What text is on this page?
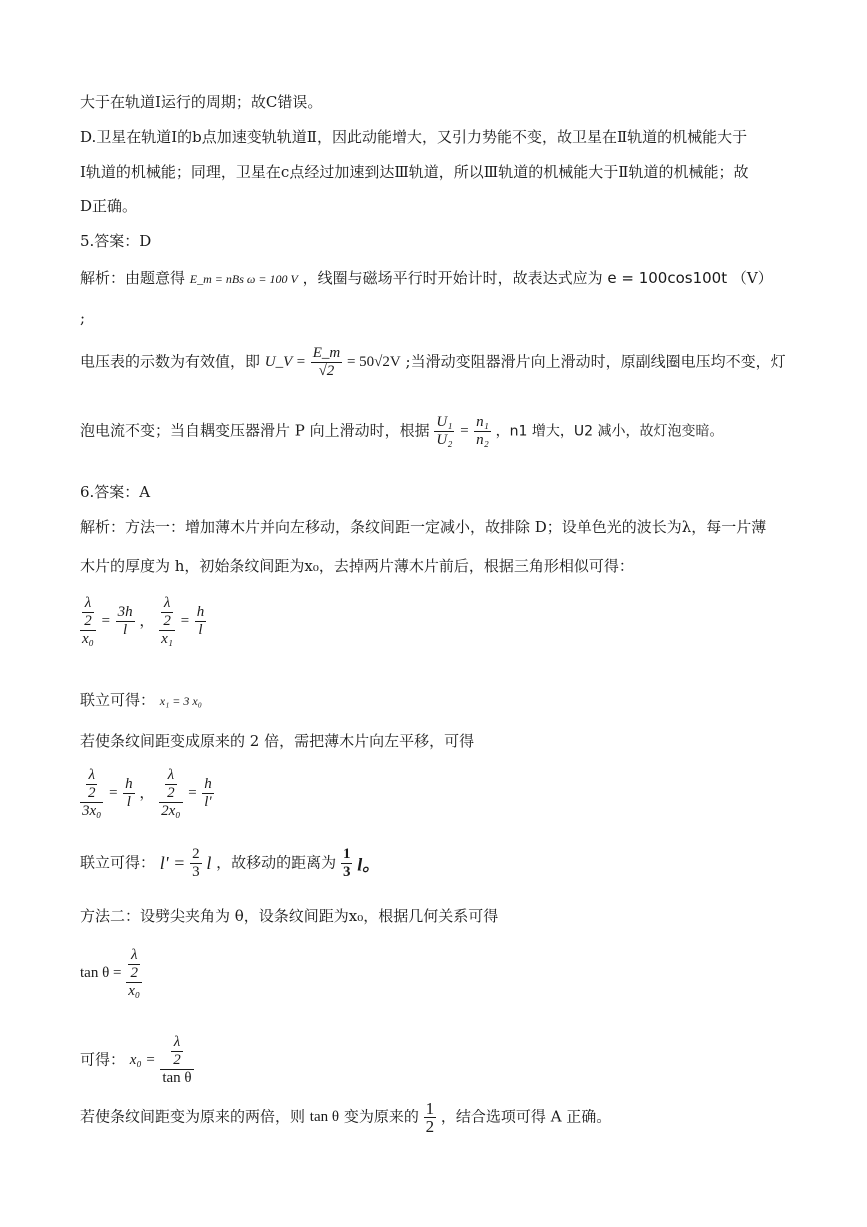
大于在轨道Ⅰ运行的周期；故C错误。
D.卫星在轨道Ⅰ的b点加速变轨轨道Ⅱ，因此动能增大，又引力势能不变，故卫星在Ⅱ轨道的机械能大于
Ⅰ轨道的机械能；同理，卫星在c点经过加速到达Ⅲ轨道，所以Ⅲ轨道的机械能大于Ⅱ轨道的机械能；故
D正确。
5.答案：D
解析：由题意得 E_m = nBs ω = 100 V ，线圈与磁场平行时开始计时，故表达式应为 e = 100cos100t （V）
;
电压表的示数为有效值，即 U_V = $\frac{E\_m}{√2} = 50√2V$ ;当滑动变阻器滑片向上滑动时，原副线圈电压均不变，灯
泡电流不变；当自耦变压器滑片 P 向上滑动时，根据 $\frac{\text{U₁}}{\text{U₂}} = \frac{\text{n₁}}{\text{n₂}}$ ，n1 增大，U2 减小，故灯泡变暗。
6.答案：A
解析：方法一：增加薄木片并向左移动，条纹间距一定减小，故排除 D；设单色光的波长为λ，每一片薄
木片的厚度为 h，初始条纹间距为x₀，去掉两片薄木片前后，根据三角形相似可得：
$\frac{\frac{\lambda}{2}}{\text{x₀}} = \frac{3h}{l}$ ， $\frac{\frac{\lambda}{2}}{\text{x₁}} = \frac{h}{l}$
联立可得： x₁ = 3 x₀
若使条纹间距变成原来的 2 倍，需把薄木片向左平移，可得
$\frac{\frac{\lambda}{2}}{\text{3x₀}} = \frac{h}{l}$ ， $\frac{\frac{\lambda}{2}}{\text{2x₀}} = \frac{h}{l'}$
联立可得： $l' = \frac{2}{3}$ l ，故移动的距离为 $\frac{1}{3}$ l。
方法二：设劈尖夹角为 θ，设条纹间距为x₀，根据几何关系可得
$\tan \theta = \frac{\frac{\lambda}{2}}{\text{x₀}}$
可得： $x_0 = \frac{\frac{\lambda}{2}}{\text{tan θ}}$
若使条纹间距变为原来的两倍，则 tan θ 变为原来的 $\frac{1}{2}$ ，结合选项可得 A 正确。
